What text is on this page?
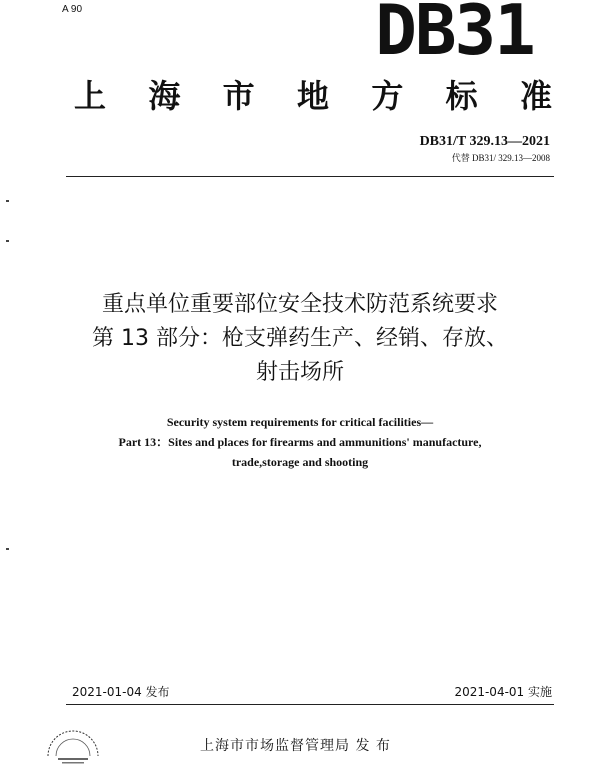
A 90	DB31
上 海 市 地 方 标 准
DB31/T 329.13—2021
代替 DB31/ 329.13—2008
重点单位重要部位安全技术防范系统要求
第 13 部分：枪支弹药生产、经销、存放、
射击场所
Security system requirements for critical facilities—
Part 13：Sites and places for firearms and ammunitions' manufacture,
trade,storage and shooting
2021-01-04 发布	2021-04-01 实施
上海市市场监督管理局 发 布
